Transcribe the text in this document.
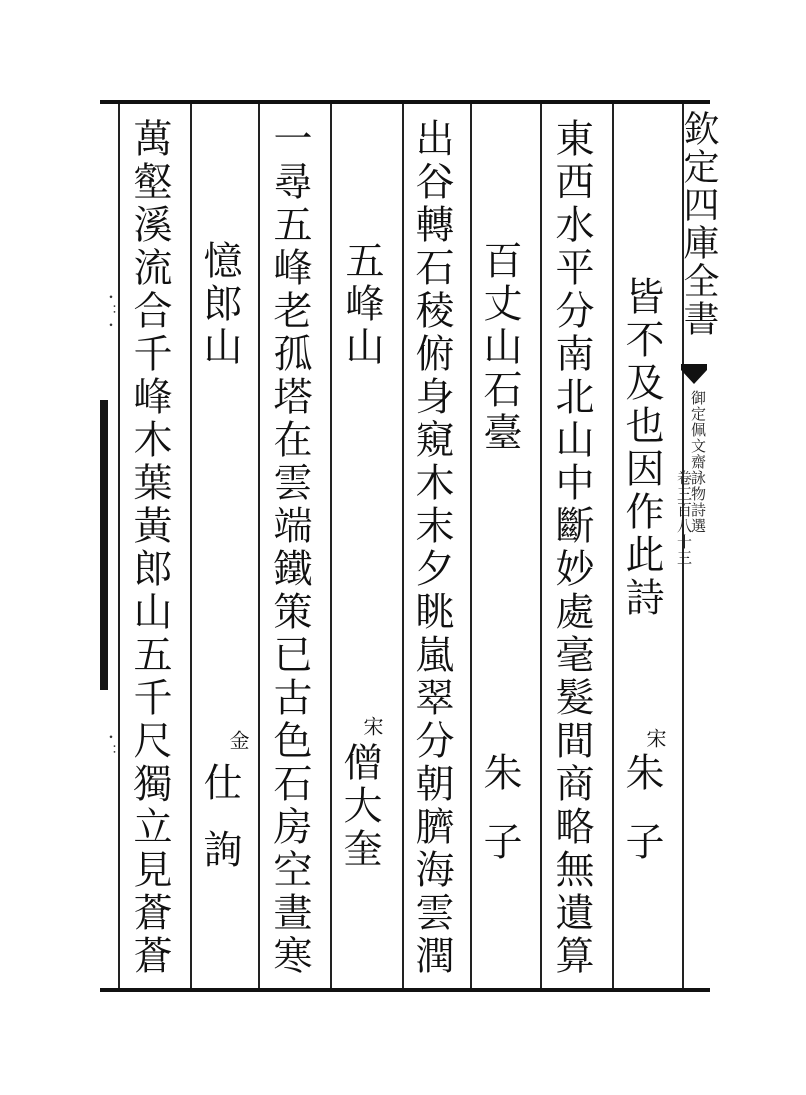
・：・
・：
欽定四庫全書
御定佩文齋詠物詩選
卷三百八十三
皆不及也因作此詩
宋
朱子
東西水平分南北山中斷妙處毫髮間商略無遺算
百丈山石臺
朱子
出谷轉石稜俯身窺木末夕眺嵐翠分朝臍海雲潤
五峰山
宋
僧大奎
一尋五峰老孤塔在雲端鐵策已古色石房空晝寒
憶郎山
金
仕詢
萬壑溪流合千峰木葉黃郎山五千尺獨立見蒼蒼
